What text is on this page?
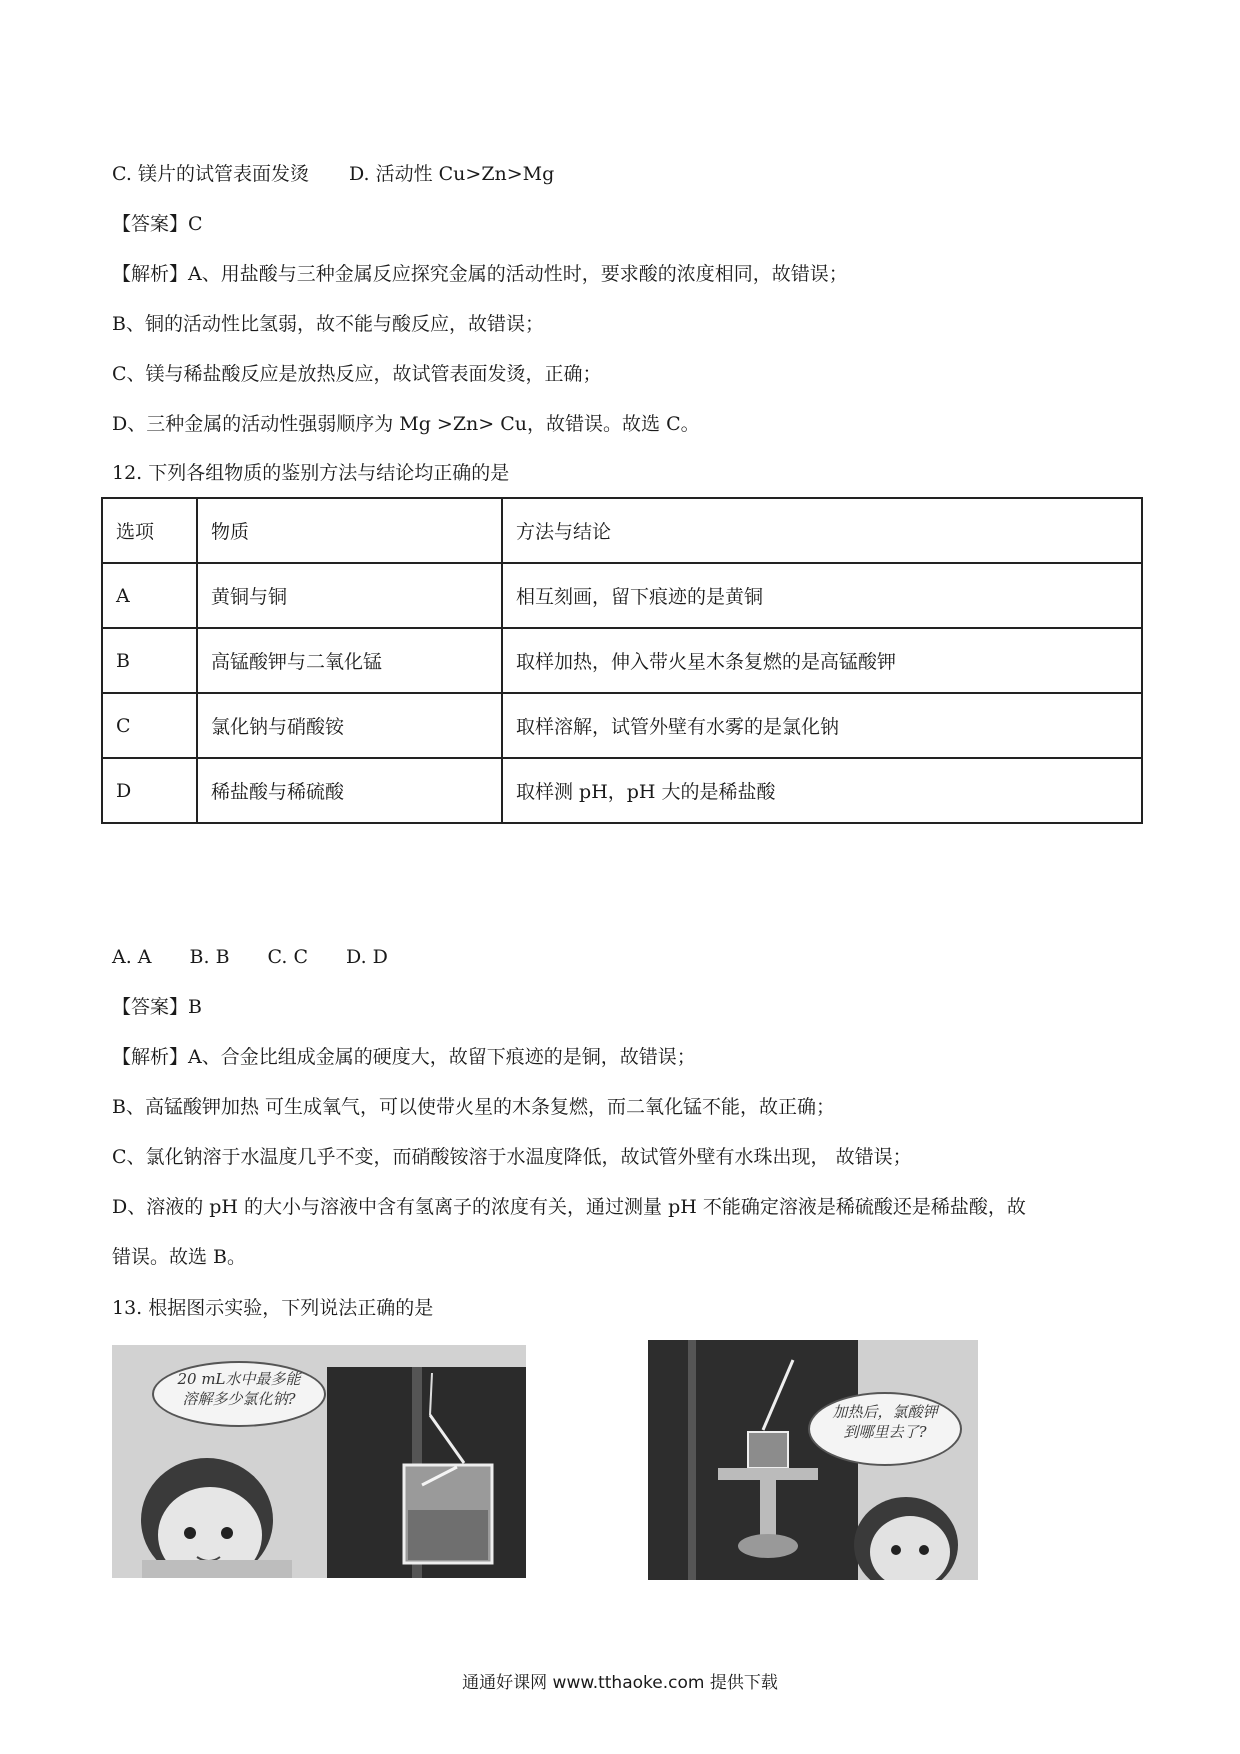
C. 镁片的试管表面发烫 D. 活动性 Cu>Zn>Mg
【答案】C
【解析】A、用盐酸与三种金属反应探究金属的活动性时，要求酸的浓度相同，故错误；
B、铜的活动性比氢弱，故不能与酸反应，故错误；
C、镁与稀盐酸反应是放热反应，故试管表面发烫，正确；
D、三种金属的活动性强弱顺序为 Mg >Zn> Cu，故错误。故选 C。
12. 下列各组物质的鉴别方法与结论均正确的是
选项	物质	方法与结论
A	黄铜与铜	相互刻画，留下痕迹的是黄铜
B	高锰酸钾与二氧化锰	取样加热，伸入带火星木条复燃的是高锰酸钾
C	氯化钠与硝酸铵	取样溶解，试管外壁有水雾的是氯化钠
D	稀盐酸与稀硫酸	取样测 pH，pH 大的是稀盐酸
A. A B. B C. C D. D
【答案】B
【解析】A、合金比组成金属的硬度大，故留下痕迹的是铜，故错误；
B、高锰酸钾加热 可生成氧气，可以使带火星的木条复燃，而二氧化锰不能，故正确；
C、氯化钠溶于水温度几乎不变，而硝酸铵溶于水温度降低，故试管外壁有水珠出现， 故错误；
D、溶液的 pH 的大小与溶液中含有氢离子的浓度有关，通过测量 pH 不能确定溶液是稀硫酸还是稀盐酸，故
错误。故选 B。
13. 根据图示实验，下列说法正确的是
20 mL水中最多能
溶解多少氯化钠?
加热后，氯酸钾
到哪里去了?
通通好课网 www.tthaoke.com 提供下载
